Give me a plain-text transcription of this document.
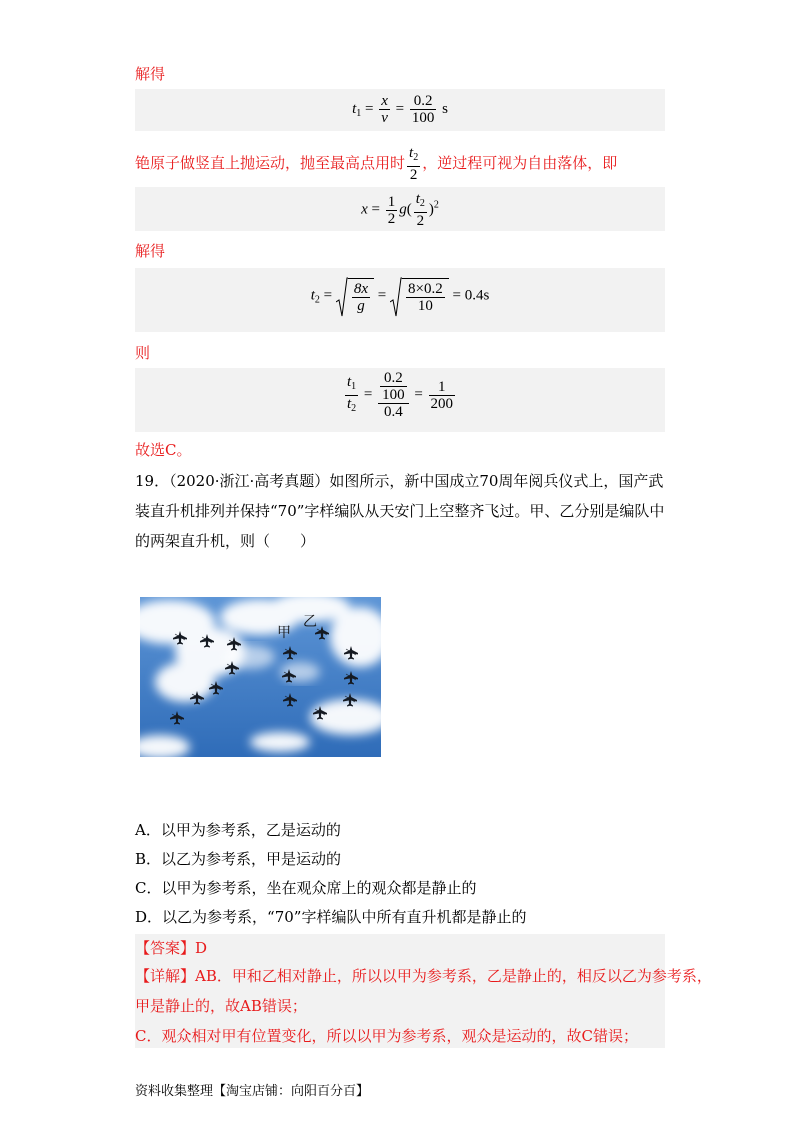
解得
$t_1 = \frac{x}{v} = \frac{0.2}{100}$ s
铯原子做竖直上抛运动，抛至最高点用时 $\frac{t_2}{2}$ ，逆过程可视为自由落体，即
$x = \frac{1}{2} g( \frac{t_2}{2} )^2$
解得
$t_2 = \frac{8x}{g} = \frac{8\times 0.2}{10} = 0.4s$
则
$\frac{t_1}{t_2} = \frac{\frac{0.2}{100}}{0.4} = \frac{1}{200}$
故选C。
19．（2020·浙江·高考真题）如图所示，新中国成立70周年阅兵仪式上，国产武装直升机排列并保持“70”字样编队从天安门上空整齐飞过。甲、乙分别是编队中的两架直升机，则（　　）
甲
乙
A．以甲为参考系，乙是运动的
B．以乙为参考系，甲是运动的
C．以甲为参考系，坐在观众席上的观众都是静止的
D．以乙为参考系，“70”字样编队中所有直升机都是静止的
【答案】D
【详解】AB．甲和乙相对静止，所以以甲为参考系，乙是静止的，相反以乙为参考系，
甲是静止的，故AB错误；
C．观众相对甲有位置变化，所以以甲为参考系，观众是运动的，故C错误；
资料收集整理【淘宝店铺：向阳百分百】
